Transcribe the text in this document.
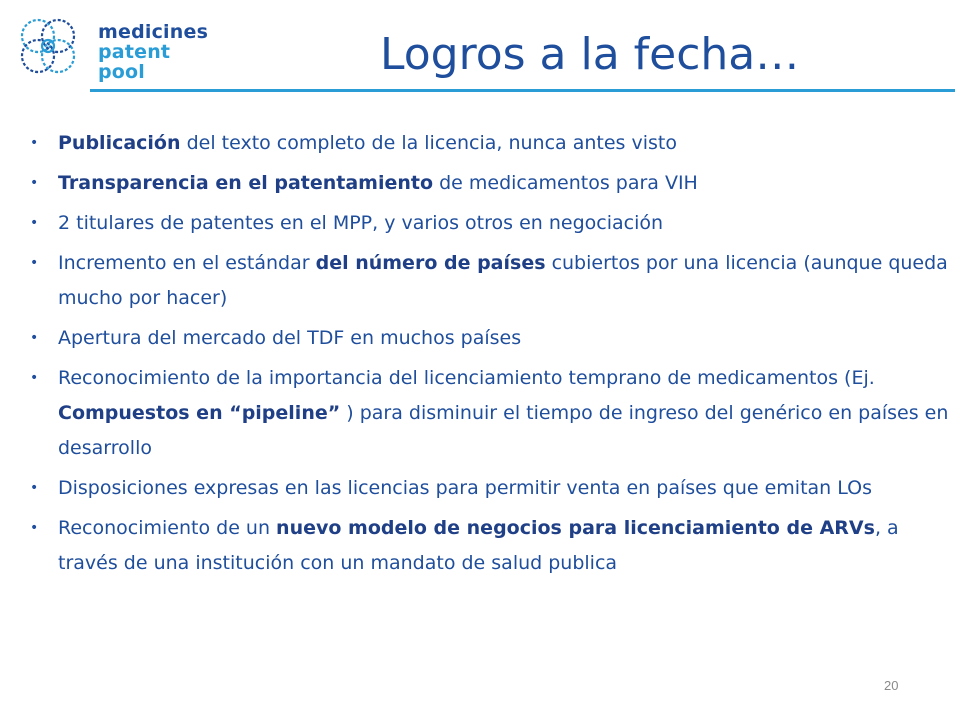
medicines
patent
pool	Logros a la fecha…
• Publicación del texto completo de la licencia, nunca antes visto
• Transparencia en el patentamiento de medicamentos para VIH
• 2 titulares de patentes en el MPP, y varios otros en negociación
• Incremento en el estándar del número de países cubiertos por una licencia (aunque queda mucho por hacer)
• Apertura del mercado del TDF en muchos países
• Reconocimiento de la importancia del licenciamiento temprano de medicamentos (Ej. Compuestos en “pipeline” ) para disminuir el tiempo de ingreso del genérico en países en desarrollo
• Disposiciones expresas en las licencias para permitir venta en países que emitan LOs
• Reconocimiento de un nuevo modelo de negocios para licenciamiento de ARVs, a través de una institución con un mandato de salud publica
20
